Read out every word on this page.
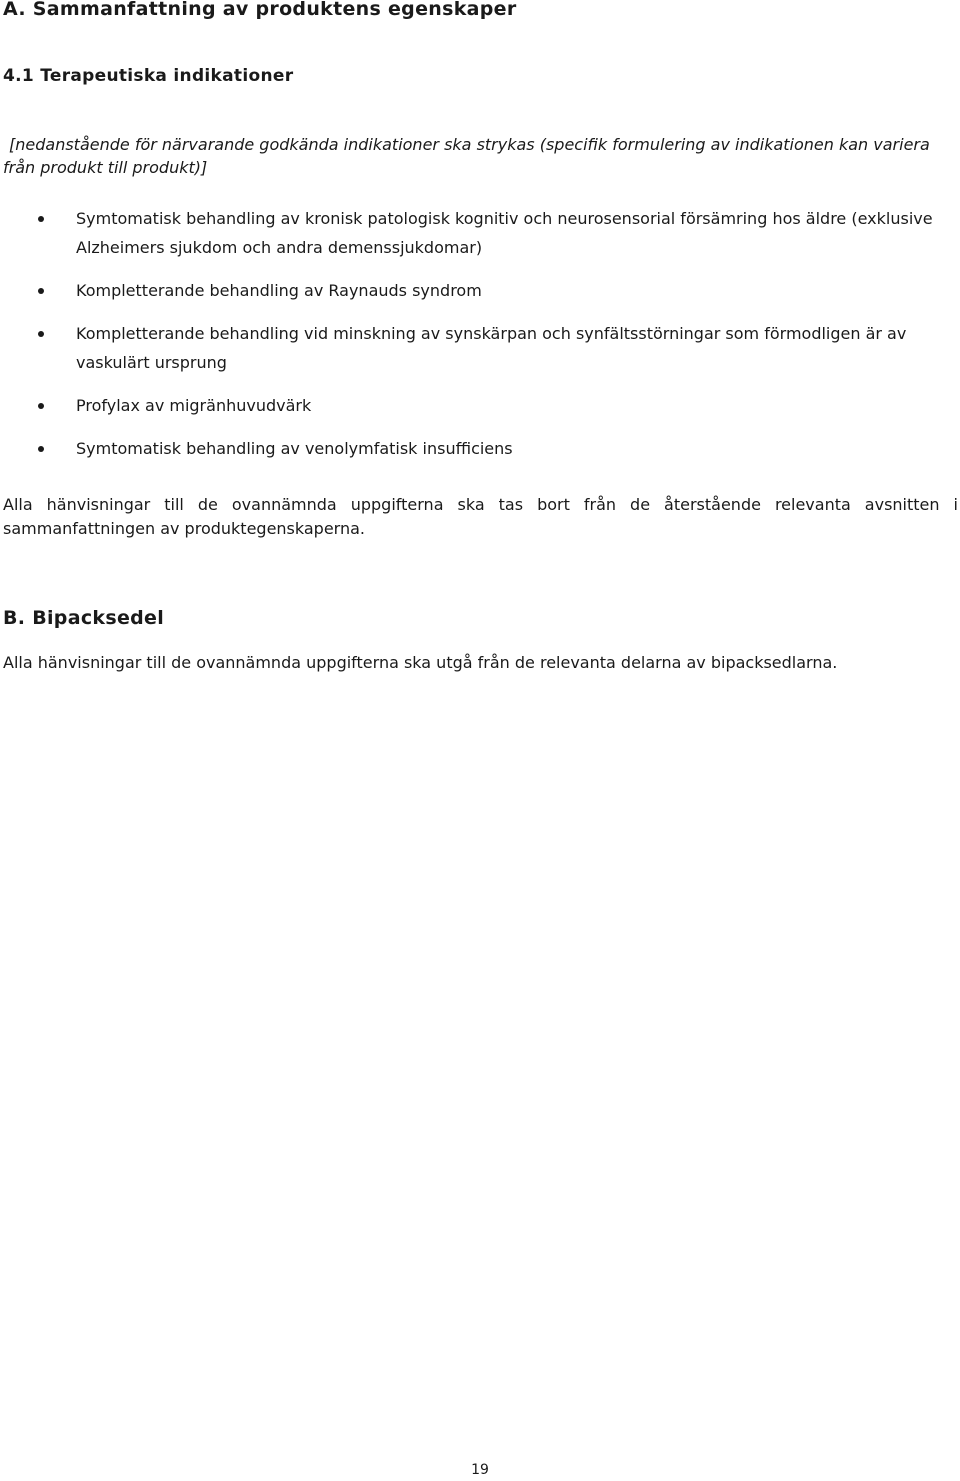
A. Sammanfattning av produktens egenskaper
4.1 Terapeutiska indikationer

[nedanstående för närvarande godkända indikationer ska strykas (specifik formulering av indikationen kan variera från produkt till produkt)]

Symtomatisk behandling av kronisk patologisk kognitiv och neurosensorial försämring hos äldre (exklusive Alzheimers sjukdom och andra demenssjukdomar)
Kompletterande behandling av Raynauds syndrom
Kompletterande behandling vid minskning av synskärpan och synfältsstörningar som förmodligen är av vaskulärt ursprung
Profylax av migränhuvudvärk
Symtomatisk behandling av venolymfatisk insufficiens

Alla hänvisningar till de ovannämnda uppgifterna ska tas bort från de återstående relevanta avsnitten i sammanfattningen av produktegenskaperna.

B. Bipacksedel

Alla hänvisningar till de ovannämnda uppgifterna ska utgå från de relevanta delarna av bipacksedlarna.

19
